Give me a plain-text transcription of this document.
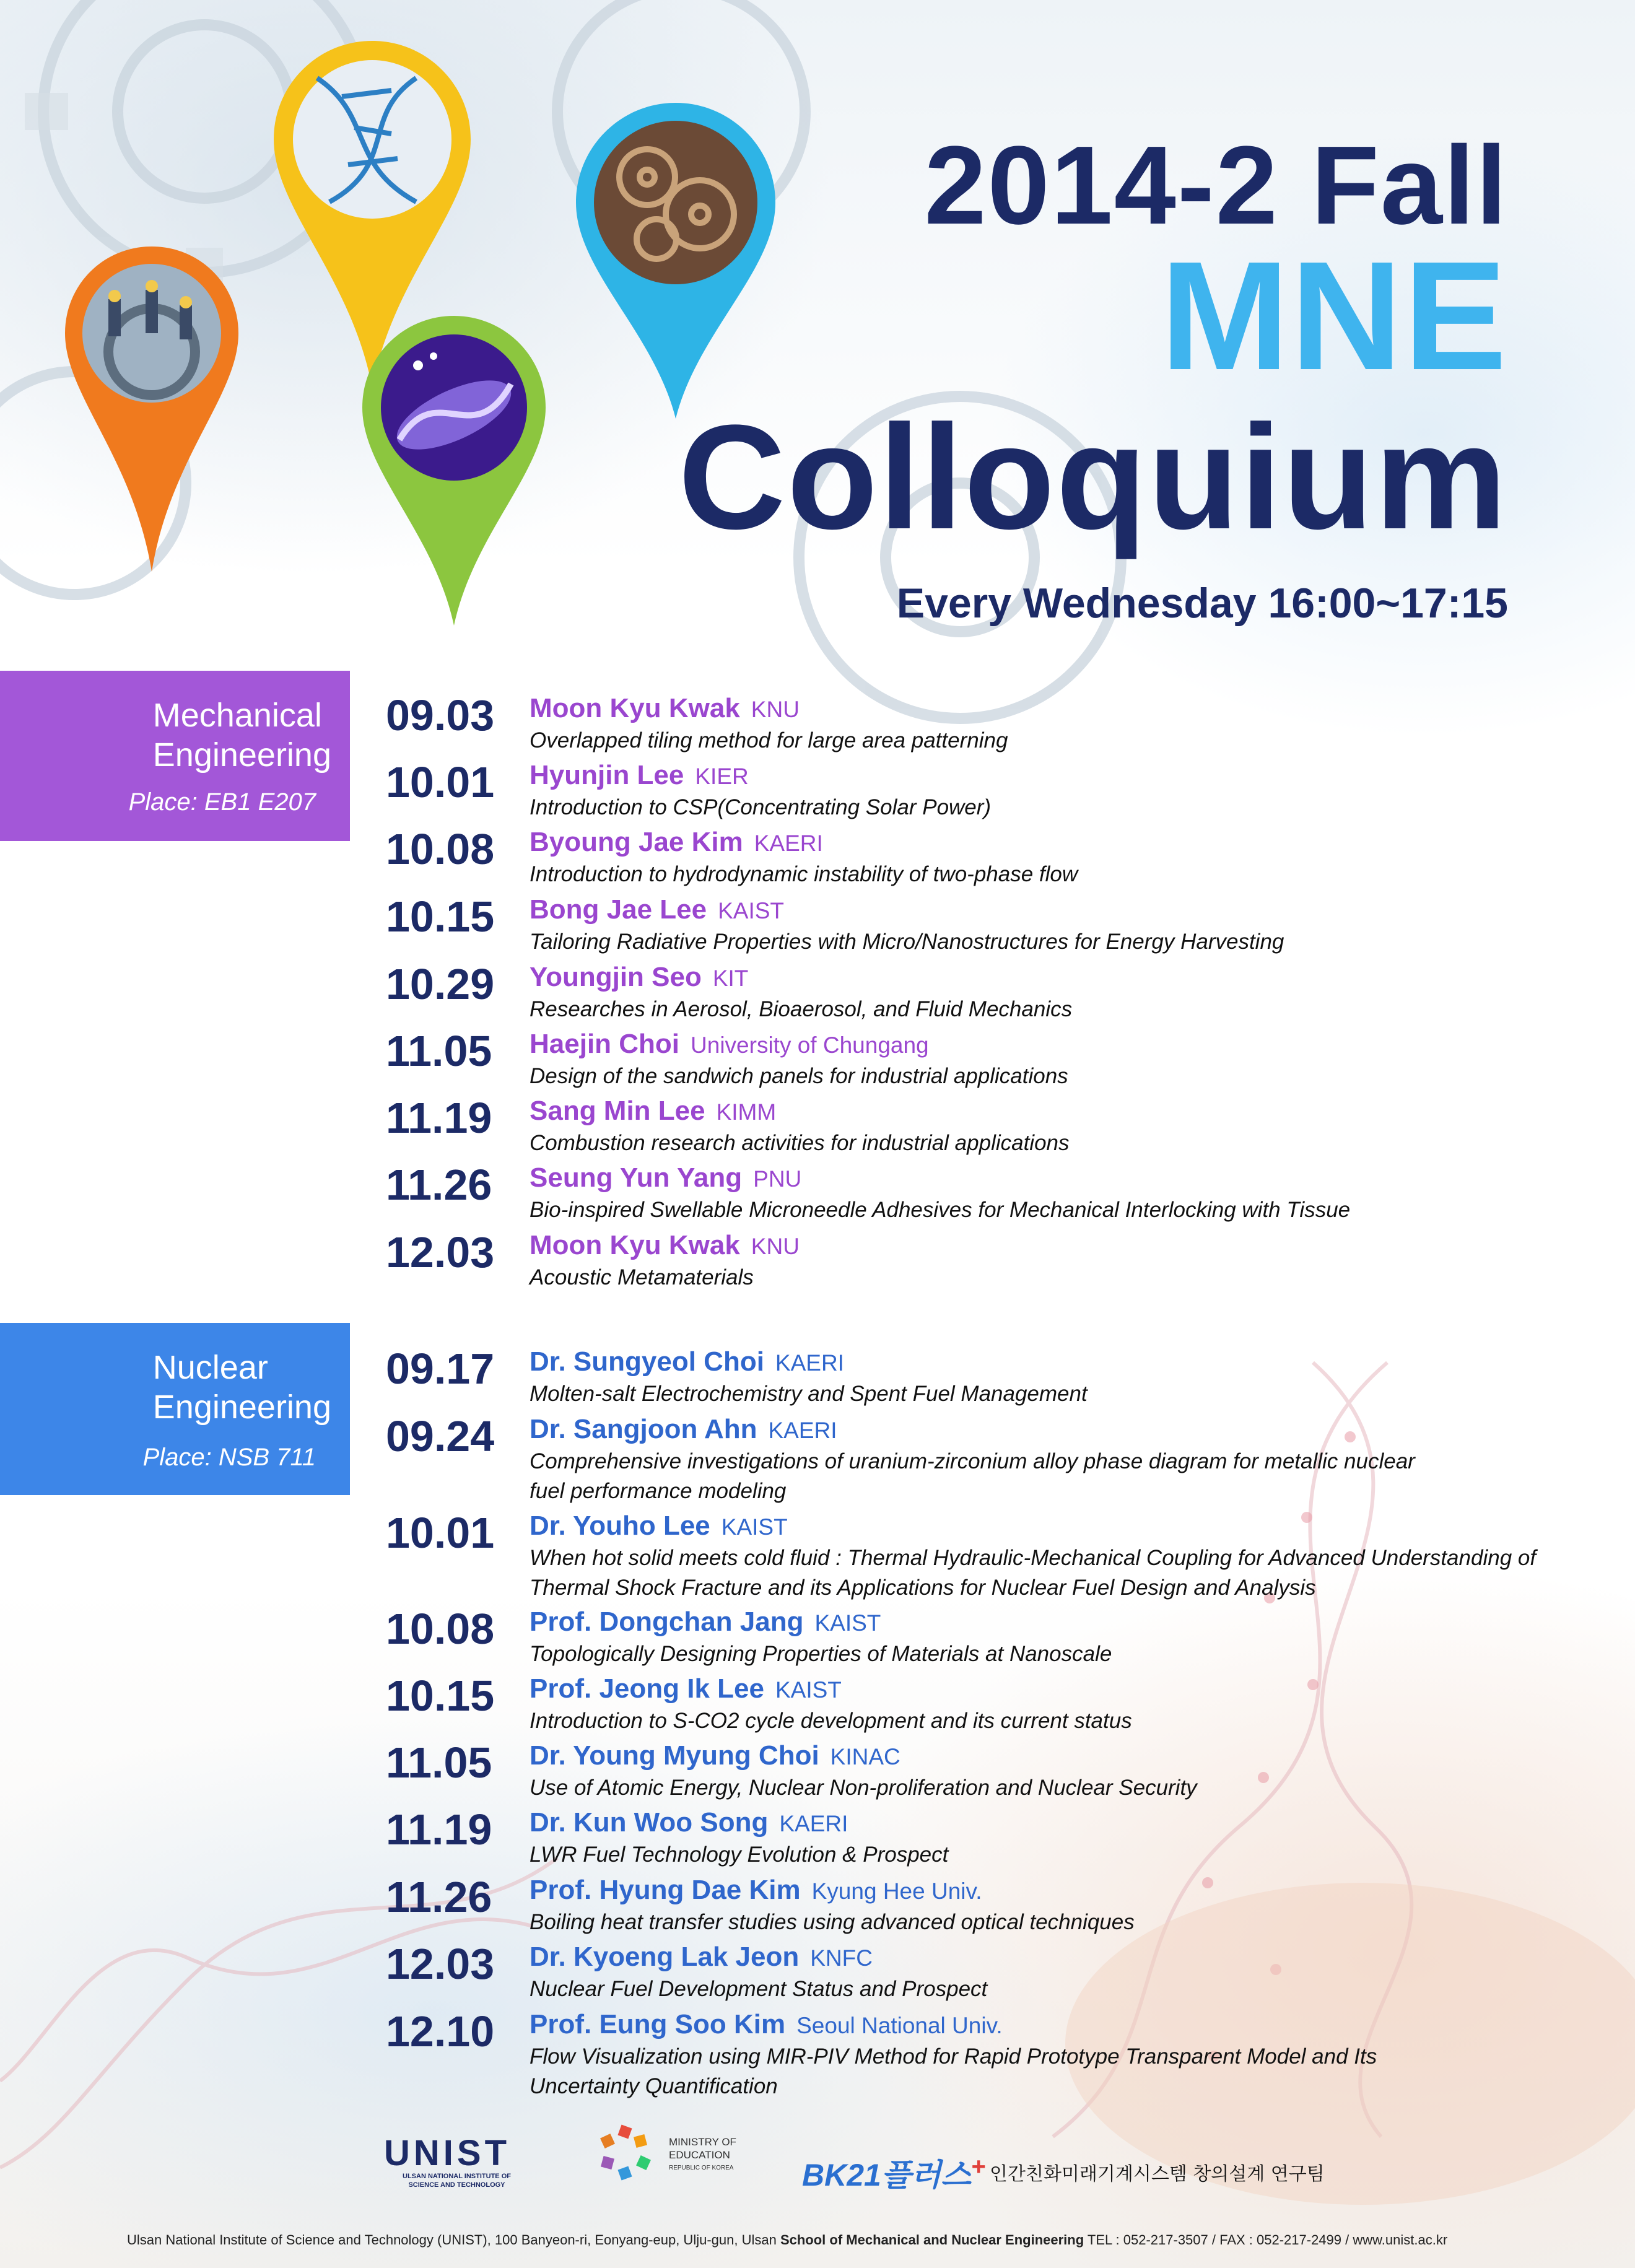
2014-2 Fall
MNE
Colloquium
Every Wednesday 16:00~17:15
Mechanical
Engineering
Place: EB1 E207
Nuclear
Engineering
Place: NSB 711
09.03 Moon Kyu Kwak KNU
Overlapped tiling method for large area patterning
10.01 Hyunjin Lee KIER
Introduction to CSP(Concentrating Solar Power)
10.08 Byoung Jae Kim KAERI
Introduction to hydrodynamic instability of two-phase flow
10.15 Bong Jae Lee KAIST
Tailoring Radiative Properties with Micro/Nanostructures for Energy Harvesting
10.29 Youngjin Seo KIT
Researches in Aerosol, Bioaerosol, and Fluid Mechanics
11.05 Haejin Choi University of Chungang
Design of the sandwich panels for industrial applications
11.19 Sang Min Lee KIMM
Combustion research activities for industrial applications
11.26 Seung Yun Yang PNU
Bio-inspired Swellable Microneedle Adhesives for Mechanical Interlocking with Tissue
12.03 Moon Kyu Kwak KNU
Acoustic Metamaterials
09.17 Dr. Sungyeol Choi KAERI
Molten-salt Electrochemistry and Spent Fuel Management
09.24 Dr. Sangjoon Ahn KAERI
Comprehensive investigations of uranium-zirconium alloy phase diagram for metallic nuclear fuel performance modeling
10.01 Dr. Youho Lee KAIST
When hot solid meets cold fluid : Thermal Hydraulic-Mechanical Coupling for Advanced Understanding of Thermal Shock Fracture and its Applications for Nuclear Fuel Design and Analysis
10.08 Prof. Dongchan Jang KAIST
Topologically Designing Properties of Materials at Nanoscale
10.15 Prof. Jeong Ik Lee KAIST
Introduction to S-CO2 cycle development and its current status
11.05 Dr. Young Myung Choi KINAC
Use of Atomic Energy, Nuclear Non-proliferation and Nuclear Security
11.19 Dr. Kun Woo Song KAERI
LWR Fuel Technology Evolution & Prospect
11.26 Prof. Hyung Dae Kim Kyung Hee Univ.
Boiling heat transfer studies using advanced optical techniques
12.03 Dr. Kyoeng Lak Jeon KNFC
Nuclear Fuel Development Status and Prospect
12.10 Prof. Eung Soo Kim Seoul National Univ.
Flow Visualization using MIR-PIV Method for Rapid Prototype Transparent Model and Its Uncertainty Quantification
UNIST
ULSAN NATIONAL INSTITUTE OF
SCIENCE AND TECHNOLOGY
MINISTRY OF
EDUCATION
REPUBLIC OF KOREA BK21플러스+ 인간친화미래기계시스템 창의설계 연구팀
Ulsan National Institute of Science and Technology (UNIST), 100 Banyeon-ri, Eonyang-eup, Ulju-gun, Ulsan School of Mechanical and Nuclear Engineering TEL : 052-217-3507 / FAX : 052-217-2499 / www.unist.ac.kr
